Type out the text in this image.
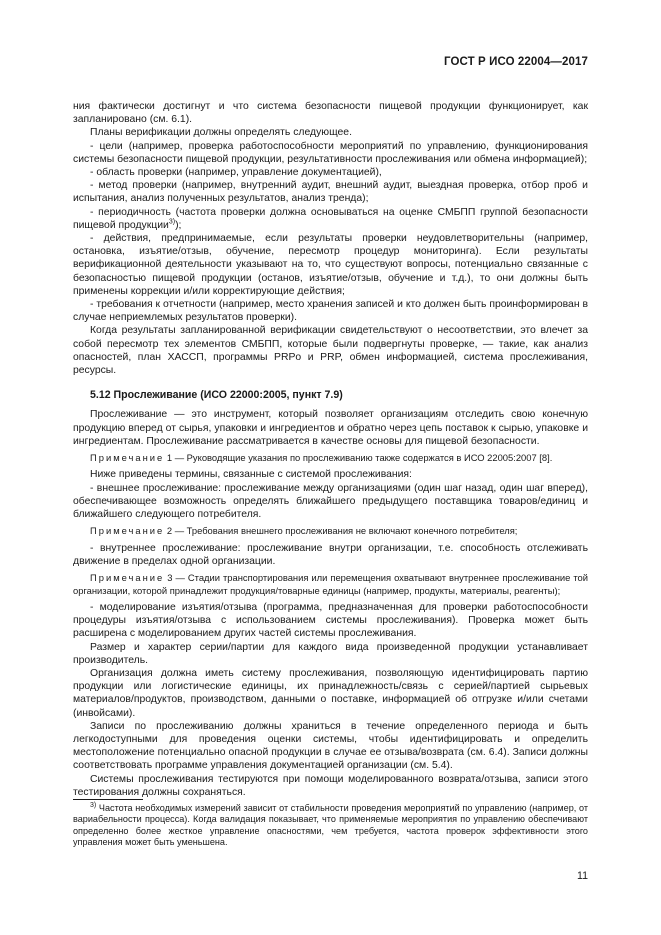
ГОСТ Р ИСО 22004—2017

ния фактически достигнут и что система безопасности пищевой продукции функционирует, как запланировано (см. 6.1).

Планы верификации должны определять следующее.

- цели (например, проверка работоспособности мероприятий по управлению, функционирования системы безопасности пищевой продукции, результативности прослеживания или обмена информацией);

- область проверки (например, управление документацией),

- метод проверки (например, внутренний аудит, внешний аудит, выездная проверка, отбор проб и испытания, анализ полученных результатов, анализ тренда);

- периодичность (частота проверки должна основываться на оценке СМБПП группой безопасности пищевой продукции$^{3)}$);

- действия, предпринимаемые, если результаты проверки неудовлетворительны (например, остановка, изъятие/отзыв, обучение, пересмотр процедур мониторинга). Если результаты верификационной деятельности указывают на то, что существуют вопросы, потенциально связанные с безопасностью пищевой продукции (останов, изъятие/отзыв, обучение и т.д.), то они должны быть применены коррекции и/или корректирующие действия;

- требования к отчетности (например, место хранения записей и кто должен быть проинформирован в случае неприемлемых результатов проверки).

Когда результаты запланированной верификации свидетельствуют о несоответствии, это влечет за собой пересмотр тех элементов СМБПП, которые были подвергнуты проверке, — такие, как анализ опасностей, план ХАССП, программы PRPо и PRP, обмен информацией, система прослеживания, ресурсы.

5.12 Прослеживание (ИСО 22000:2005, пункт 7.9)

Прослеживание — это инструмент, который позволяет организациям отследить свою конечную продукцию вперед от сырья, упаковки и ингредиентов и обратно через цепь поставок к сырью, упаковке и ингредиентам. Прослеживание рассматривается в качестве основы для пищевой безопасности.

Примечание 1 — Руководящие указания по прослеживанию также содержатся в ИСО 22005:2007 [8].

Ниже приведены термины, связанные с системой прослеживания:

- внешнее прослеживание: прослеживание между организациями (один шаг назад, один шаг вперед), обеспечивающее возможность определять ближайшего предыдущего поставщика товаров/единиц и ближайшего следующего потребителя.

Примечание 2 — Требования внешнего прослеживания не включают конечного потребителя;

- внутреннее прослеживание: прослеживание внутри организации, т.е. способность отслеживать движение в пределах одной организации.

Примечание 3 — Стадии транспортирования или перемещения охватывают внутреннее прослеживание той организации, которой принадлежит продукция/товарные единицы (например, продукты, материалы, реагенты);

- моделирование изъятия/отзыва (программа, предназначенная для проверки работоспособности процедуры изъятия/отзыва с использованием системы прослеживания). Проверка может быть расширена с моделированием других частей системы прослеживания.

Размер и характер серии/партии для каждого вида произведенной продукции устанавливает производитель.

Организация должна иметь систему прослеживания, позволяющую идентифицировать партию продукции или логистические единицы, их принадлежность/связь с серией/партией сырьевых материалов/продуктов, производством, данными о поставке, информацией об отгрузке и/или счетами (инвойсами).

Записи по прослеживанию должны храниться в течение определенного периода и быть легкодоступными для проведения оценки системы, чтобы идентифицировать и определить местоположение потенциально опасной продукции в случае ее отзыва/возврата (см. 6.4). Записи должны соответствовать программе управления документацией организации (см. 5.4).

Системы прослеживания тестируются при помощи моделированного возврата/отзыва, записи этого тестирования должны сохраняться.

$^{3)}$ Частота необходимых измерений зависит от стабильности проведения мероприятий по управлению (например, от вариабельности процесса). Когда валидация показывает, что применяемые мероприятия по управлению обеспечивают определенно более жесткое управление опасностями, чем требуется, частота проверок эффективности этого управления может быть уменьшена.
11
